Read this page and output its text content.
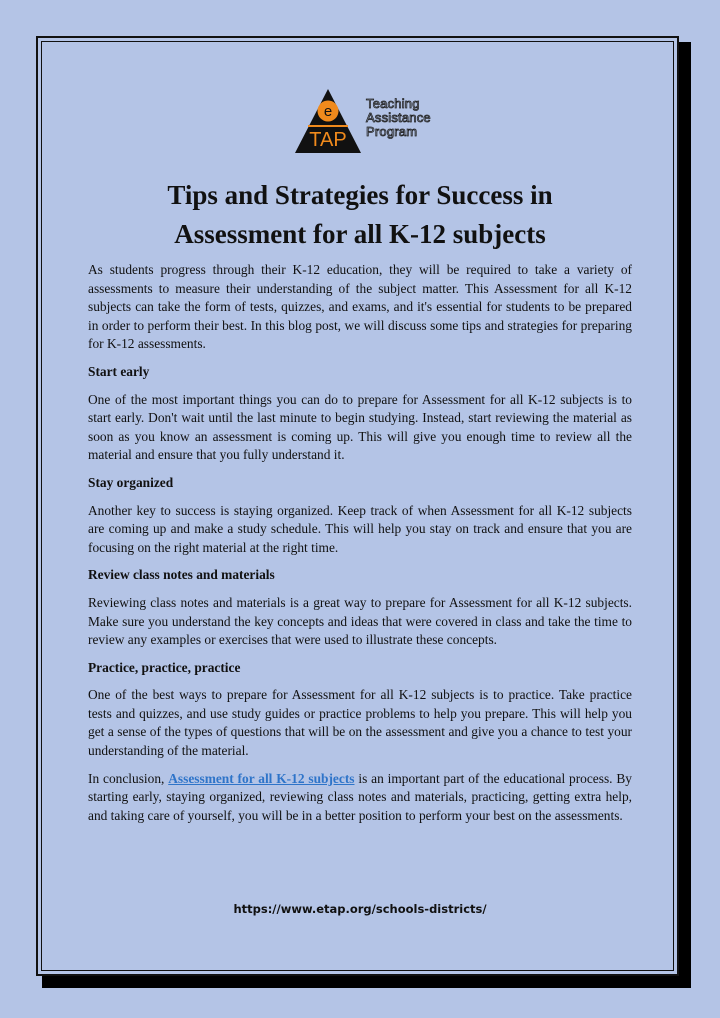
e
TAP
Teaching
Assistance
Program
Tips and Strategies for Success in
Assessment for all K-12 subjects

As students progress through their K-12 education, they will be required to take a variety of assessments to measure their understanding of the subject matter. This Assessment for all K-12 subjects can take the form of tests, quizzes, and exams, and it's essential for students to be prepared in order to perform their best. In this blog post, we will discuss some tips and strategies for preparing for K-12 assessments.

Start early

One of the most important things you can do to prepare for Assessment for all K-12 subjects is to start early. Don't wait until the last minute to begin studying. Instead, start reviewing the material as soon as you know an assessment is coming up. This will give you enough time to review all the material and ensure that you fully understand it.

Stay organized

Another key to success is staying organized. Keep track of when Assessment for all K-12 subjects are coming up and make a study schedule. This will help you stay on track and ensure that you are focusing on the right material at the right time.

Review class notes and materials

Reviewing class notes and materials is a great way to prepare for Assessment for all K-12 subjects. Make sure you understand the key concepts and ideas that were covered in class and take the time to review any examples or exercises that were used to illustrate these concepts.

Practice, practice, practice

One of the best ways to prepare for Assessment for all K-12 subjects is to practice. Take practice tests and quizzes, and use study guides or practice problems to help you prepare. This will help you get a sense of the types of questions that will be on the assessment and give you a chance to test your understanding of the material.

In conclusion, Assessment for all K-12 subjects is an important part of the educational process. By starting early, staying organized, reviewing class notes and materials, practicing, getting extra help, and taking care of yourself, you will be in a better position to perform your best on the assessments.

https://www.etap.org/schools-districts/
